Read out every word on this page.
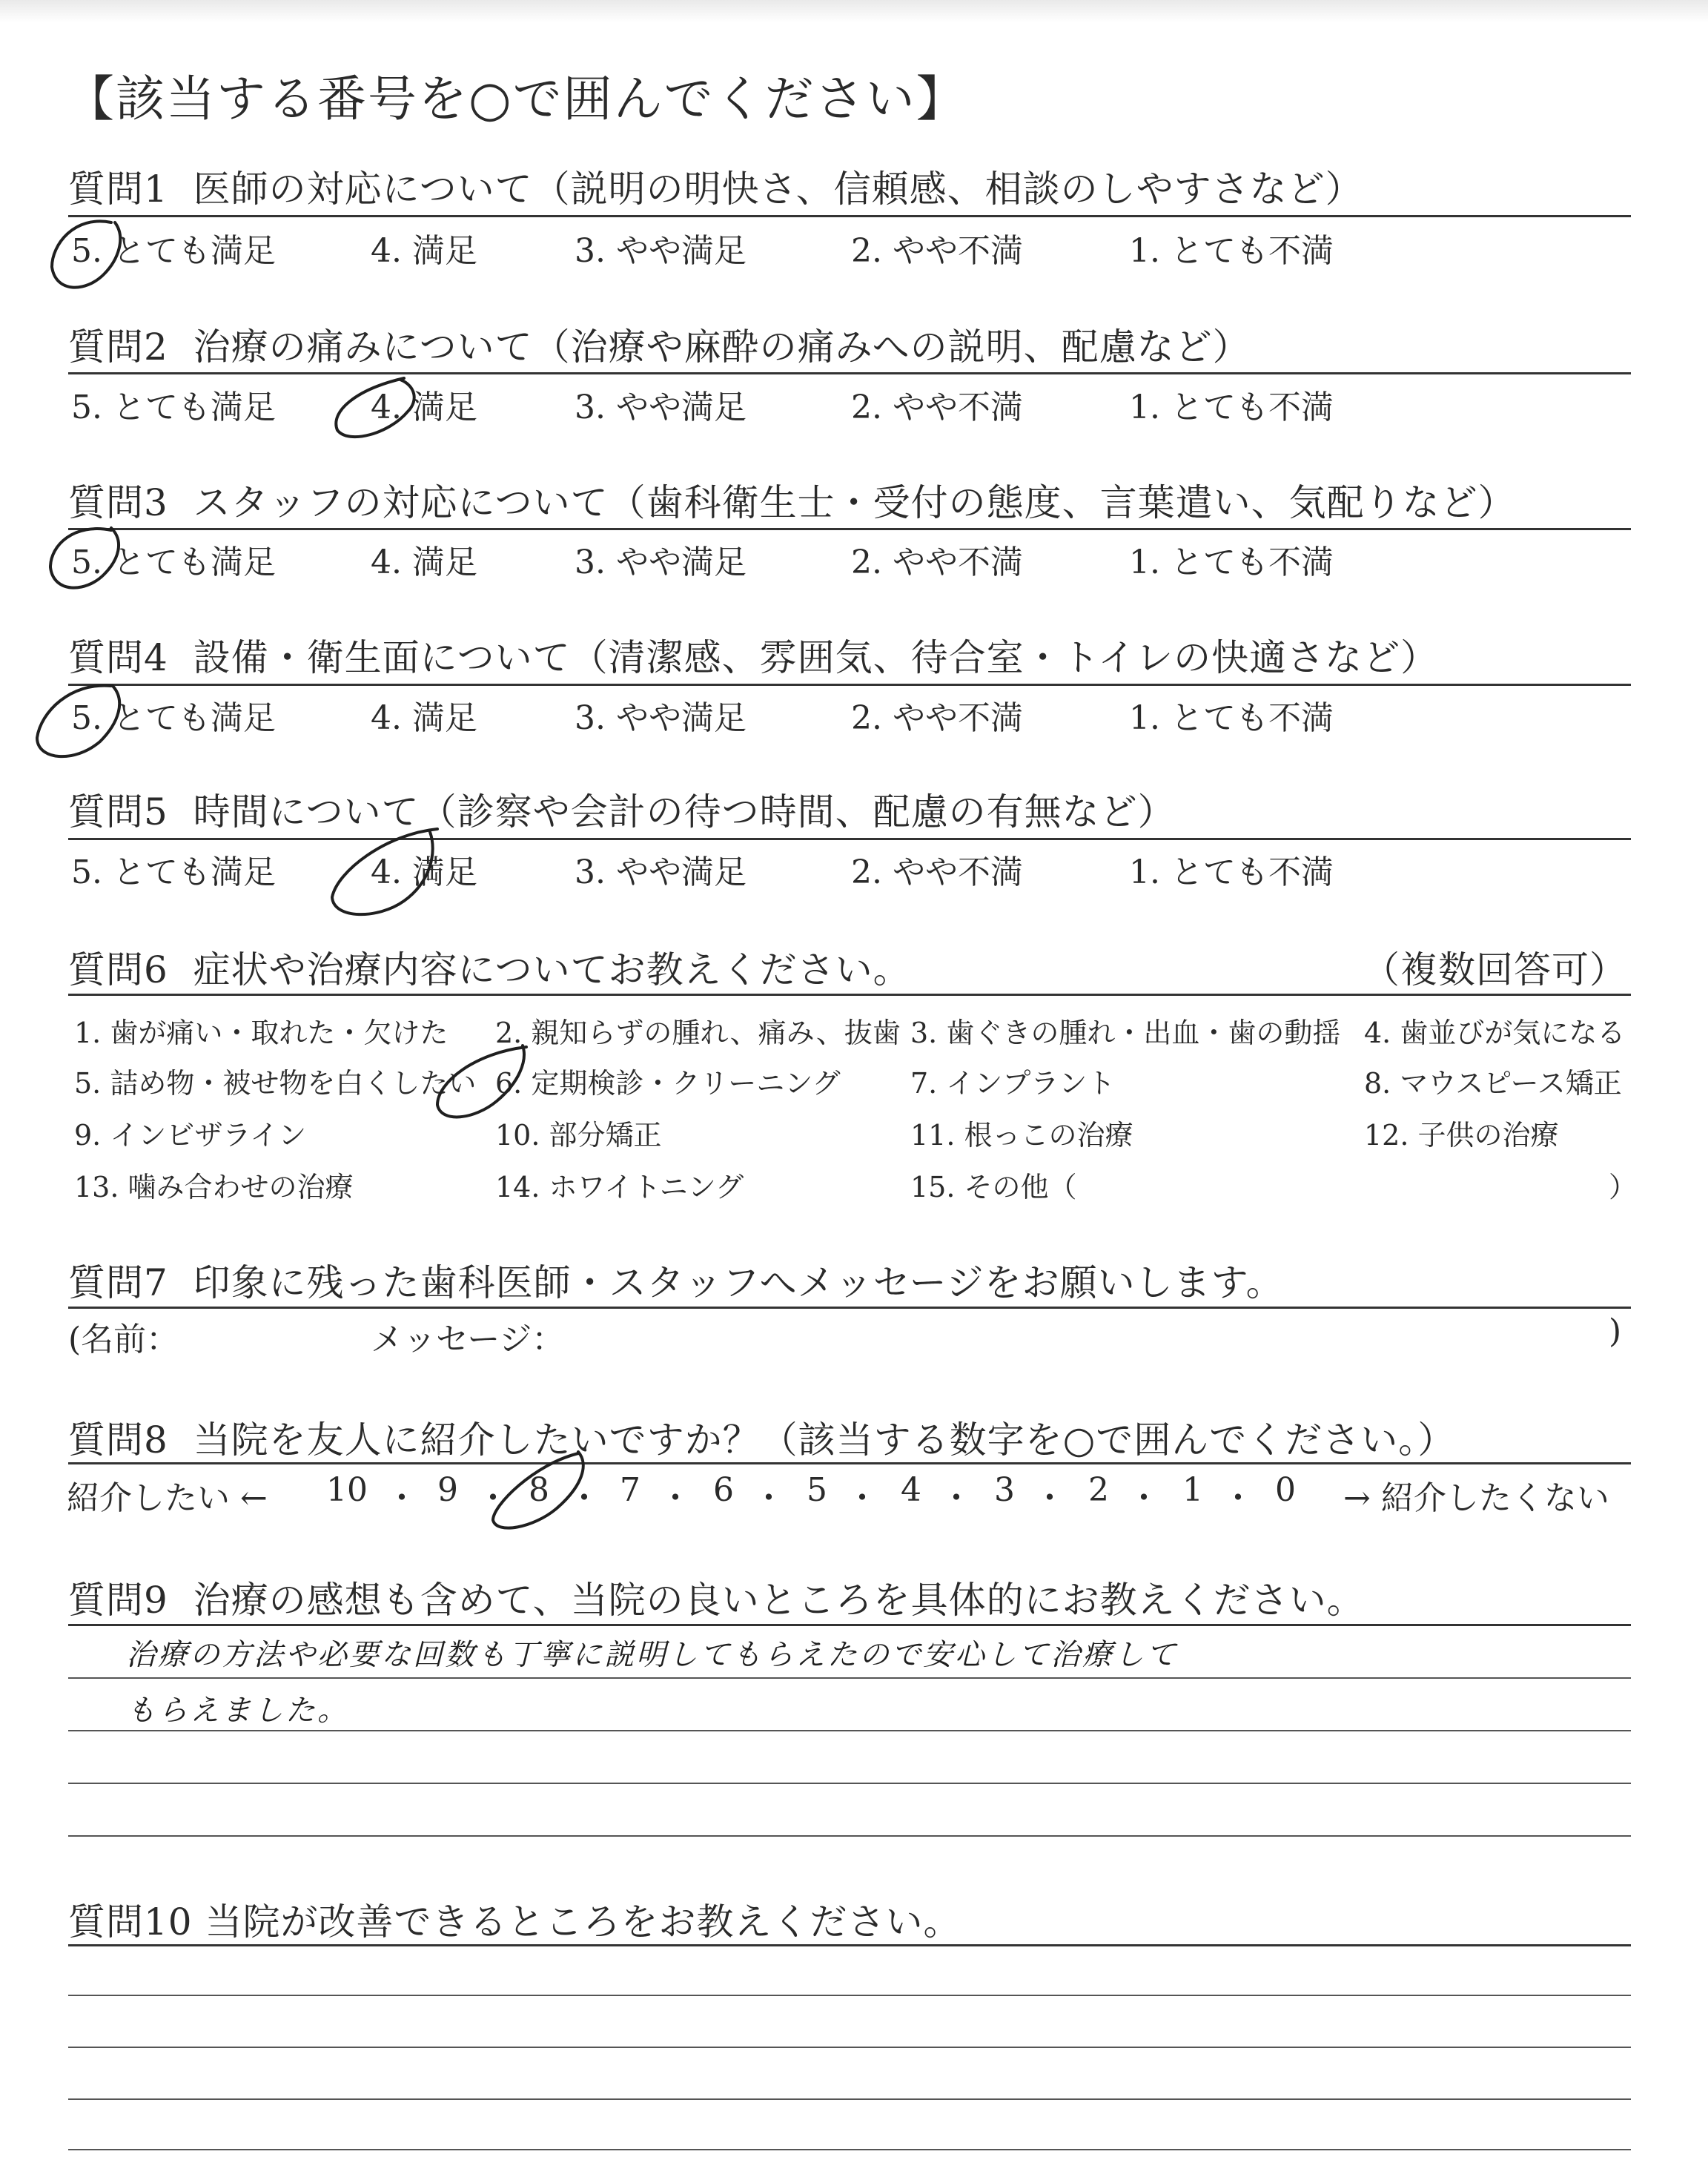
【該当する番号を○で囲んでください】
質問1 医師の対応について（説明の明快さ、信頼感、相談のしやすさなど）
5. とても満足	4. 満足	3. やや満足	2. やや不満	1. とても不満
質問2 治療の痛みについて（治療や麻酔の痛みへの説明、配慮など）
5. とても満足	4. 満足	3. やや満足	2. やや不満	1. とても不満
質問3 スタッフの対応について（歯科衛生士・受付の態度、言葉遣い、気配りなど）
5. とても満足	4. 満足	3. やや満足	2. やや不満	1. とても不満
質問4 設備・衛生面について（清潔感、雰囲気、待合室・トイレの快適さなど）
5. とても満足	4. 満足	3. やや満足	2. やや不満	1. とても不満
質問5 時間について（診察や会計の待つ時間、配慮の有無など）
5. とても満足	4. 満足	3. やや満足	2. やや不満	1. とても不満
質問6 症状や治療内容についてお教えください。	（複数回答可）
1. 歯が痛い・取れた・欠けた 2. 親知らずの腫れ、痛み、抜歯 3. 歯ぐきの腫れ・出血・歯の動揺 4. 歯並びが気になる
5. 詰め物・被せ物を白くしたい 6. 定期検診・クリーニング 7. インプラント	8. マウスピース矯正
9. インビザライン	10. 部分矯正	11. 根っこの治療	12. 子供の治療
13. 噛み合わせの治療	14. ホワイトニング	15. その他（	）
質問7 印象に残った歯科医師・スタッフへメッセージをお願いします。
(名前：	メッセージ：	)
質問8 当院を友人に紹介したいですか？（該当する数字を○で囲んでください。）
紹介したい ←	→ 紹介したくない
10 ・ 9 ・ 8 ・ 7 ・ 6 ・ 5 ・ 4 ・ 3 ・ 2 ・ 1 ・ 0
質問9 治療の感想も含めて、当院の良いところを具体的にお教えください。
治療の方法や必要な回数も丁寧に説明してもらえたので安心して治療して
もらえました。
質問10 当院が改善できるところをお教えください。
